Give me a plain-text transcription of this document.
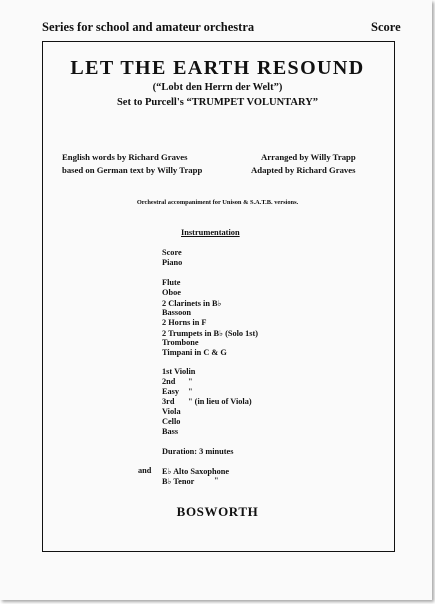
Series for school and amateur orchestra	Score
LET THE EARTH RESOUND
(“Lobt den Herrn der Welt”)
Set to Purcell's “TRUMPET VOLUNTARY”
English words by Richard Graves
based on German text by Willy Trapp
Arranged by Willy Trapp
Adapted by Richard Graves
Orchestral accompaniment for Unison & S.A.T.B. versions.
Instrumentation
Score
Piano
Flute
Oboe
2 Clarinets in B♭
Bassoon
2 Horns in F
2 Trumpets in B♭ (Solo 1st)
Trombone
Timpani in C & G
1st Violin
2nd "
Easy "
3rd " (in lieu of Viola)
Viola
Cello
Bass
Duration: 3 minutes
and E♭ Alto Saxophone
B♭ Tenor "
BOSWORTH
